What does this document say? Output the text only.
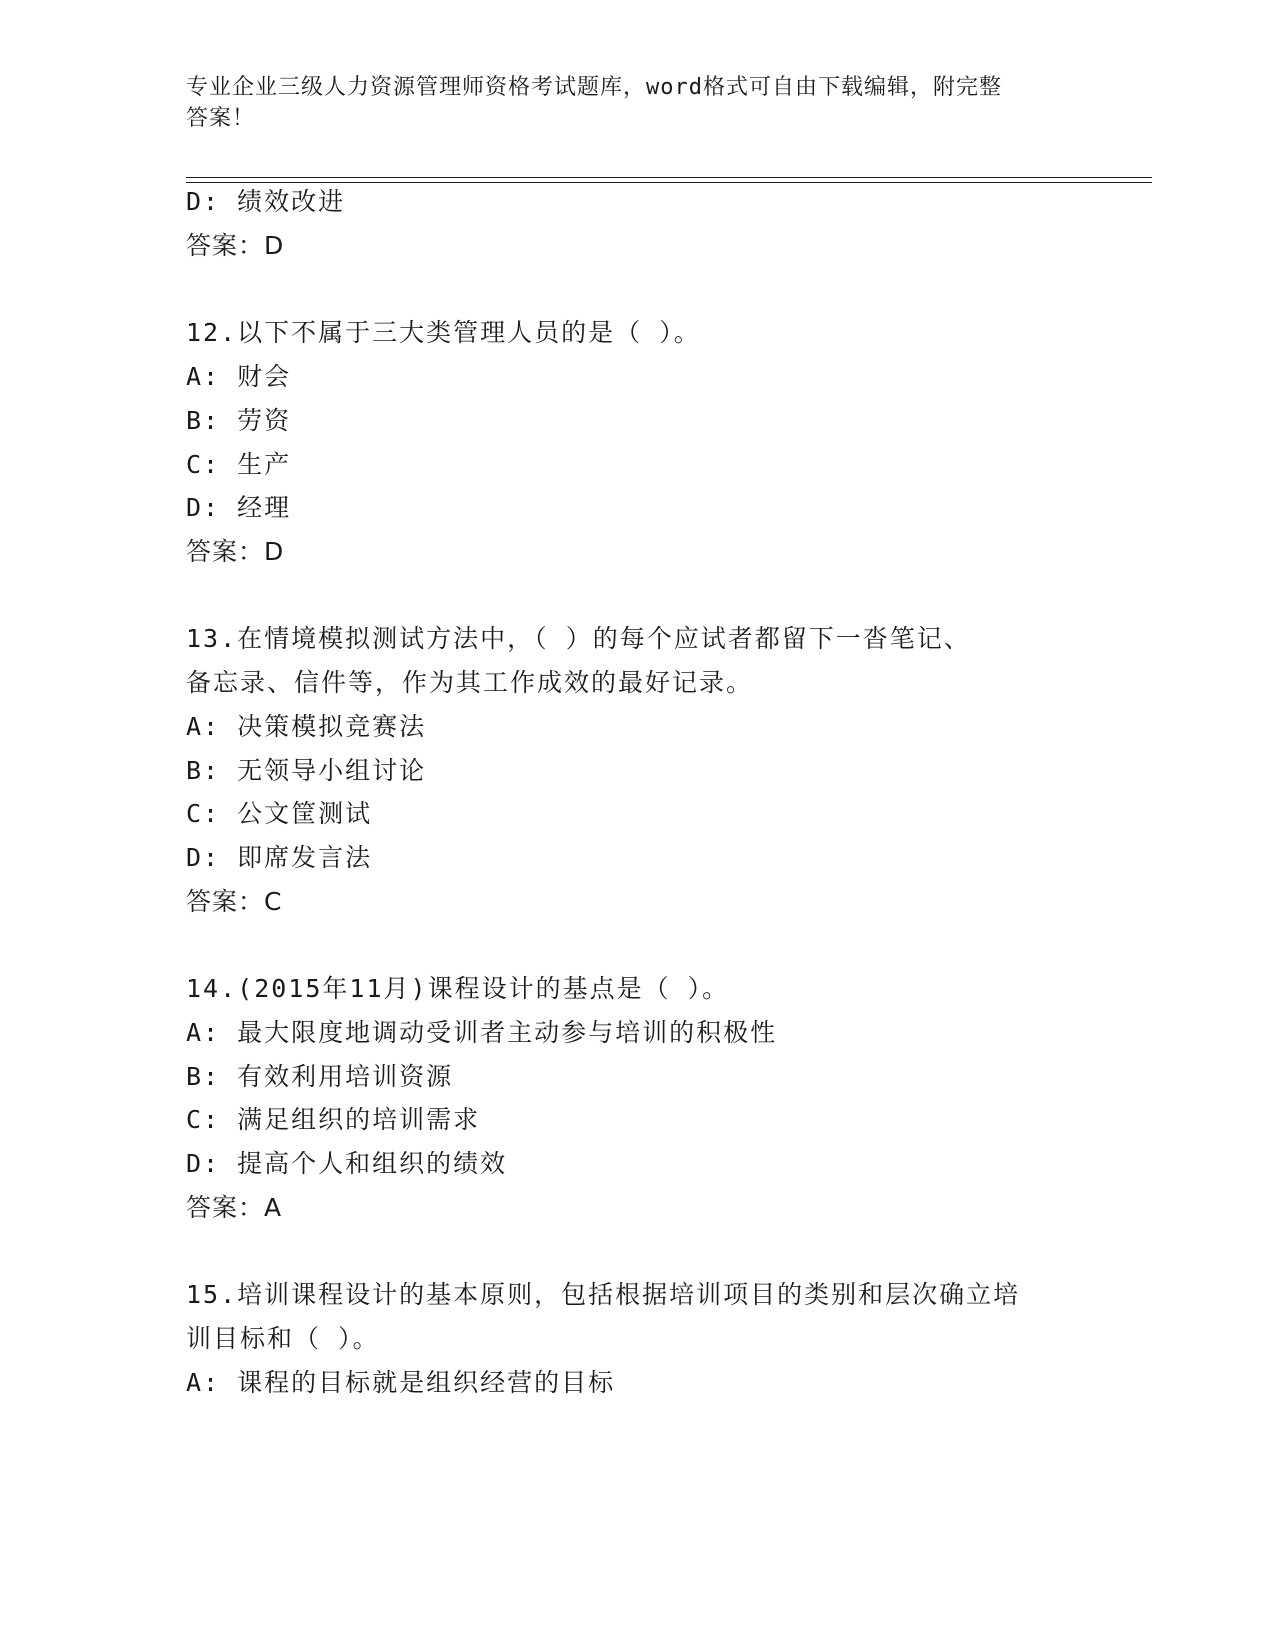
专业企业三级人力资源管理师资格考试题库，word格式可自由下载编辑，附完整
答案！
D: 绩效改进
答案：D
12.以下不属于三大类管理人员的是（ ）。
A: 财会
B: 劳资
C: 生产
D: 经理
答案：D
13.在情境模拟测试方法中，（ ）的每个应试者都留下一沓笔记、
备忘录、信件等，作为其工作成效的最好记录。
A: 决策模拟竞赛法
B: 无领导小组讨论
C: 公文筐测试
D: 即席发言法
答案：C
14.(2015年11月)课程设计的基点是（ ）。
A: 最大限度地调动受训者主动参与培训的积极性
B: 有效利用培训资源
C: 满足组织的培训需求
D: 提高个人和组织的绩效
答案：A
15.培训课程设计的基本原则，包括根据培训项目的类别和层次确立培
训目标和（ ）。
A: 课程的目标就是组织经营的目标
